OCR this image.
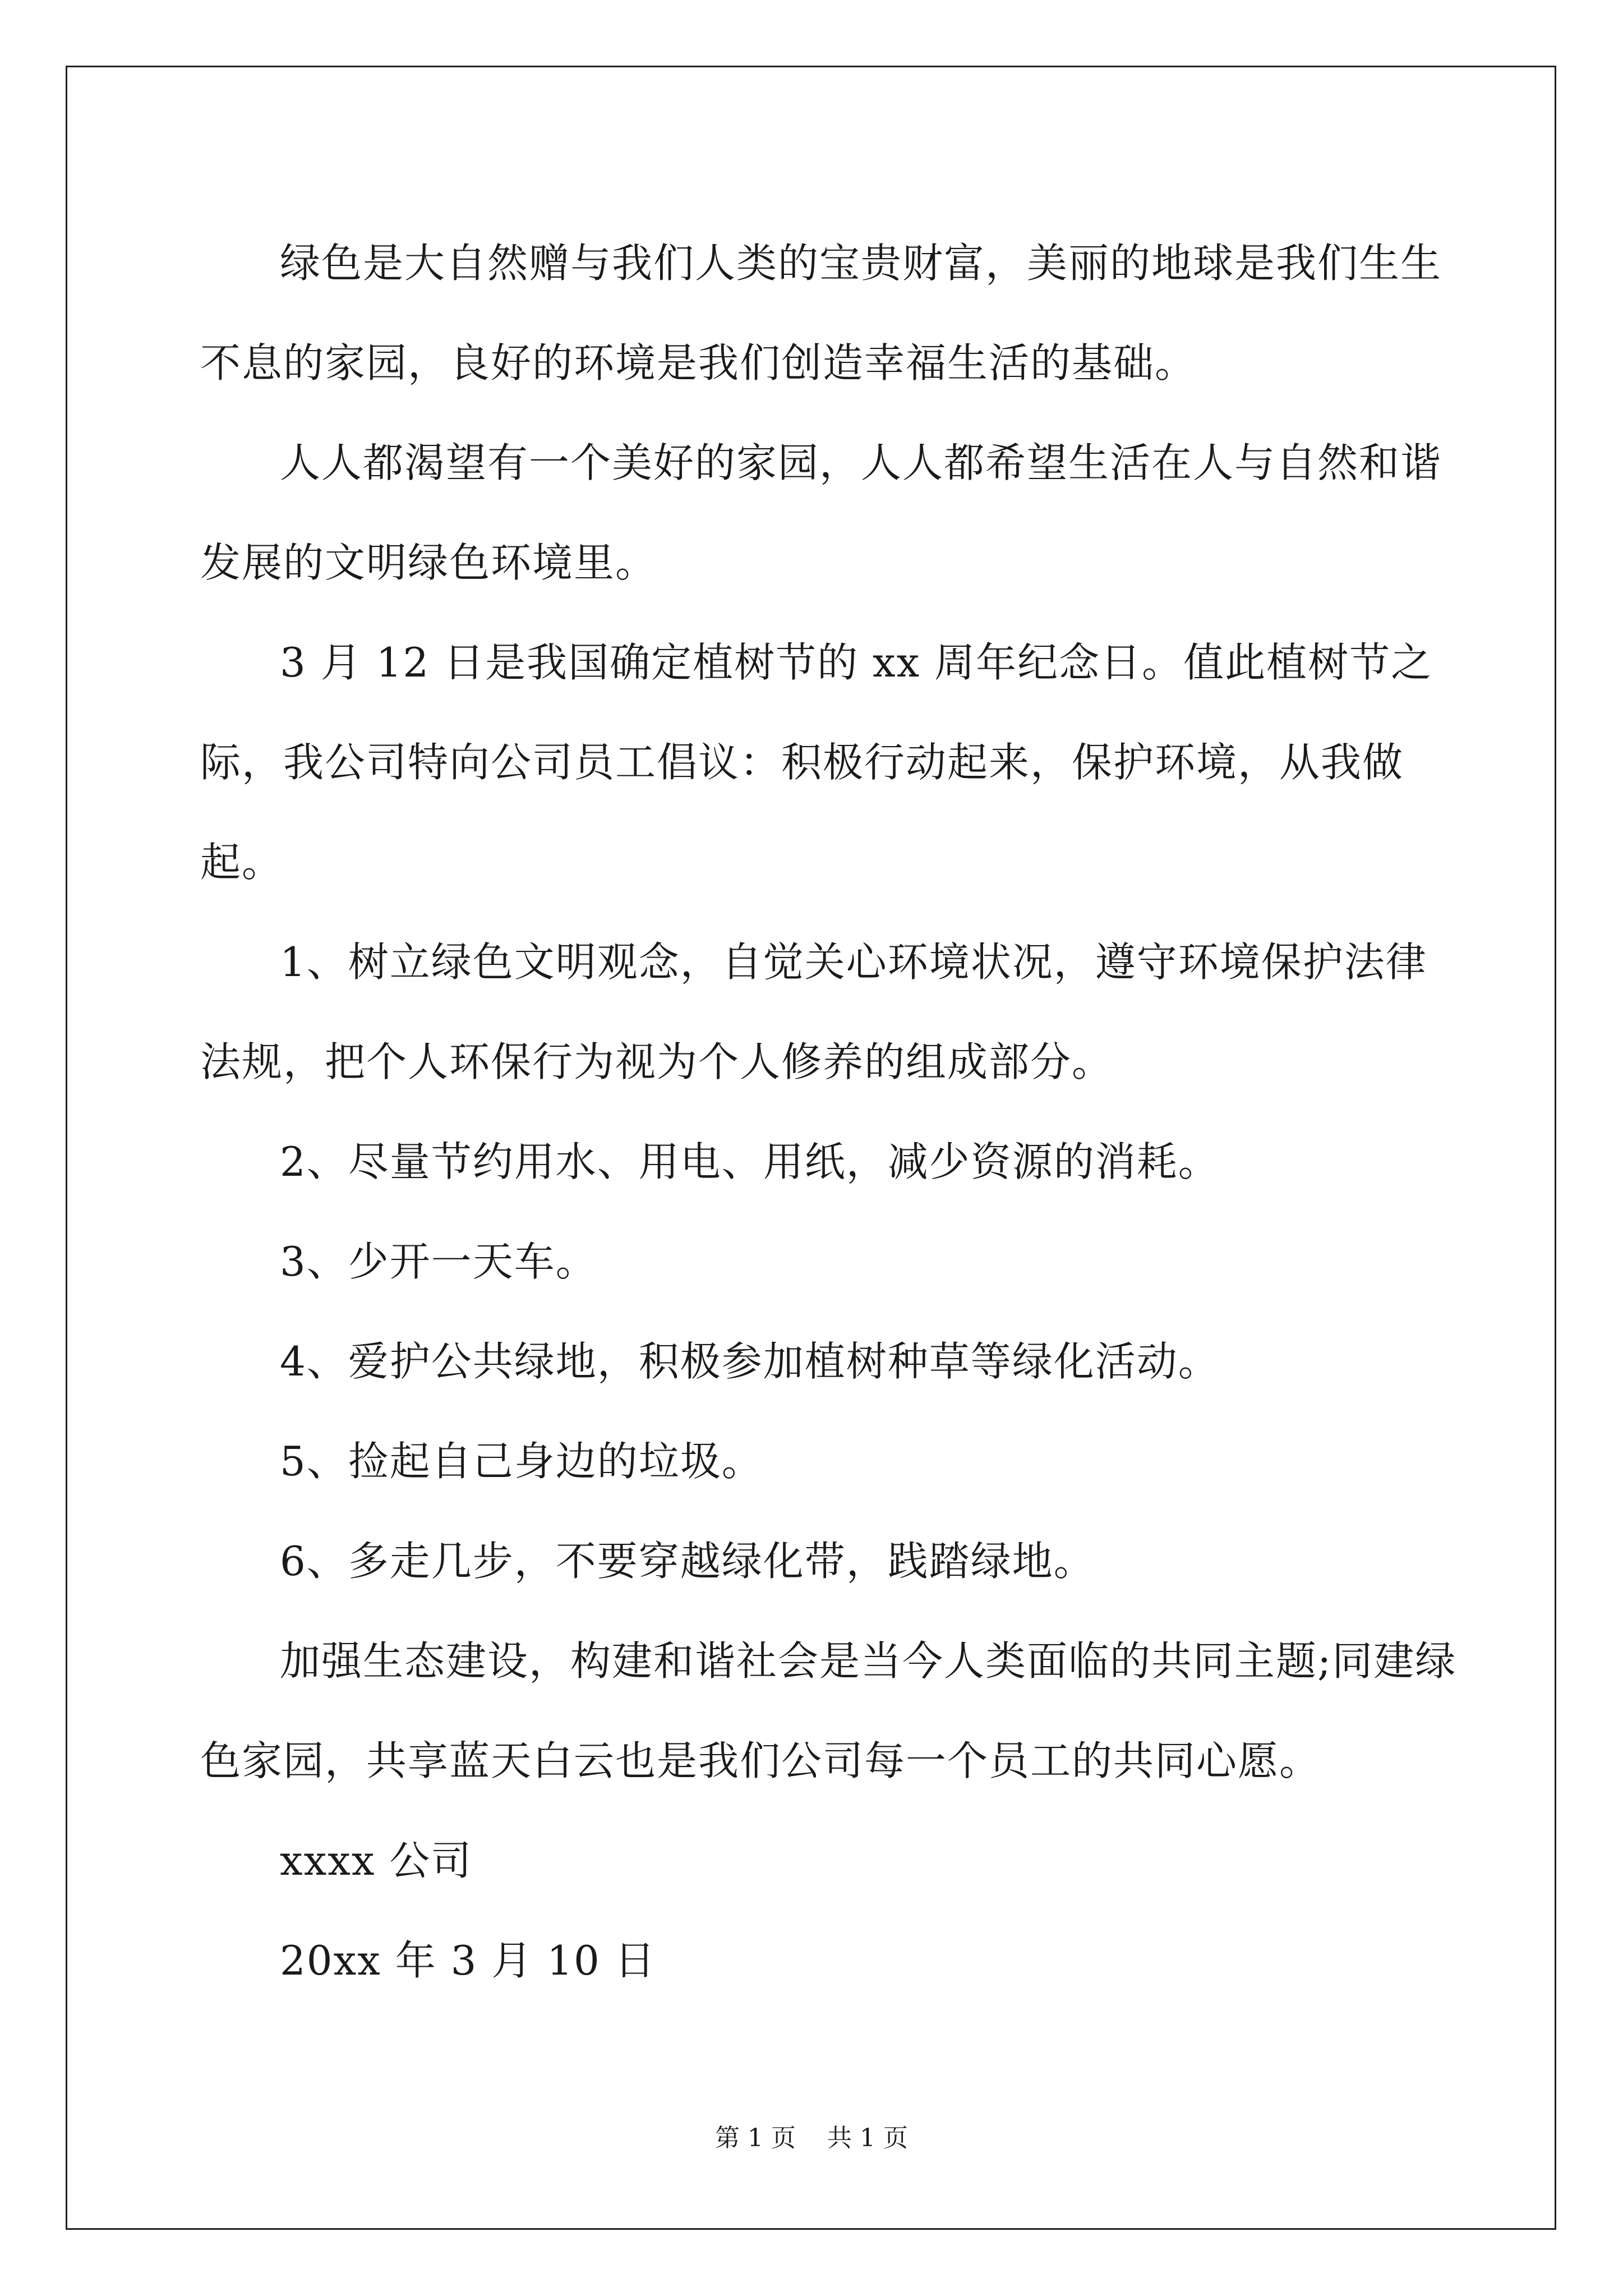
绿色是大自然赠与我们人类的宝贵财富，美丽的地球是我们生生不息的家园，良好的环境是我们创造幸福生活的基础。

人人都渴望有一个美好的家园，人人都希望生活在人与自然和谐发展的文明绿色环境里。

3 月 12 日是我国确定植树节的 xx 周年纪念日。值此植树节之际，我公司特向公司员工倡议：积极行动起来，保护环境，从我做起。

1、树立绿色文明观念，自觉关心环境状况，遵守环境保护法律法规，把个人环保行为视为个人修养的组成部分。

2、尽量节约用水、用电、用纸，减少资源的消耗。

3、少开一天车。

4、爱护公共绿地，积极参加植树种草等绿化活动。

5、捡起自己身边的垃圾。

6、多走几步，不要穿越绿化带，践踏绿地。

加强生态建设，构建和谐社会是当今人类面临的共同主题;同建绿色家园，共享蓝天白云也是我们公司每一个员工的共同心愿。

xxxx 公司

20xx 年 3 月 10 日

第 1 页 共 1 页
